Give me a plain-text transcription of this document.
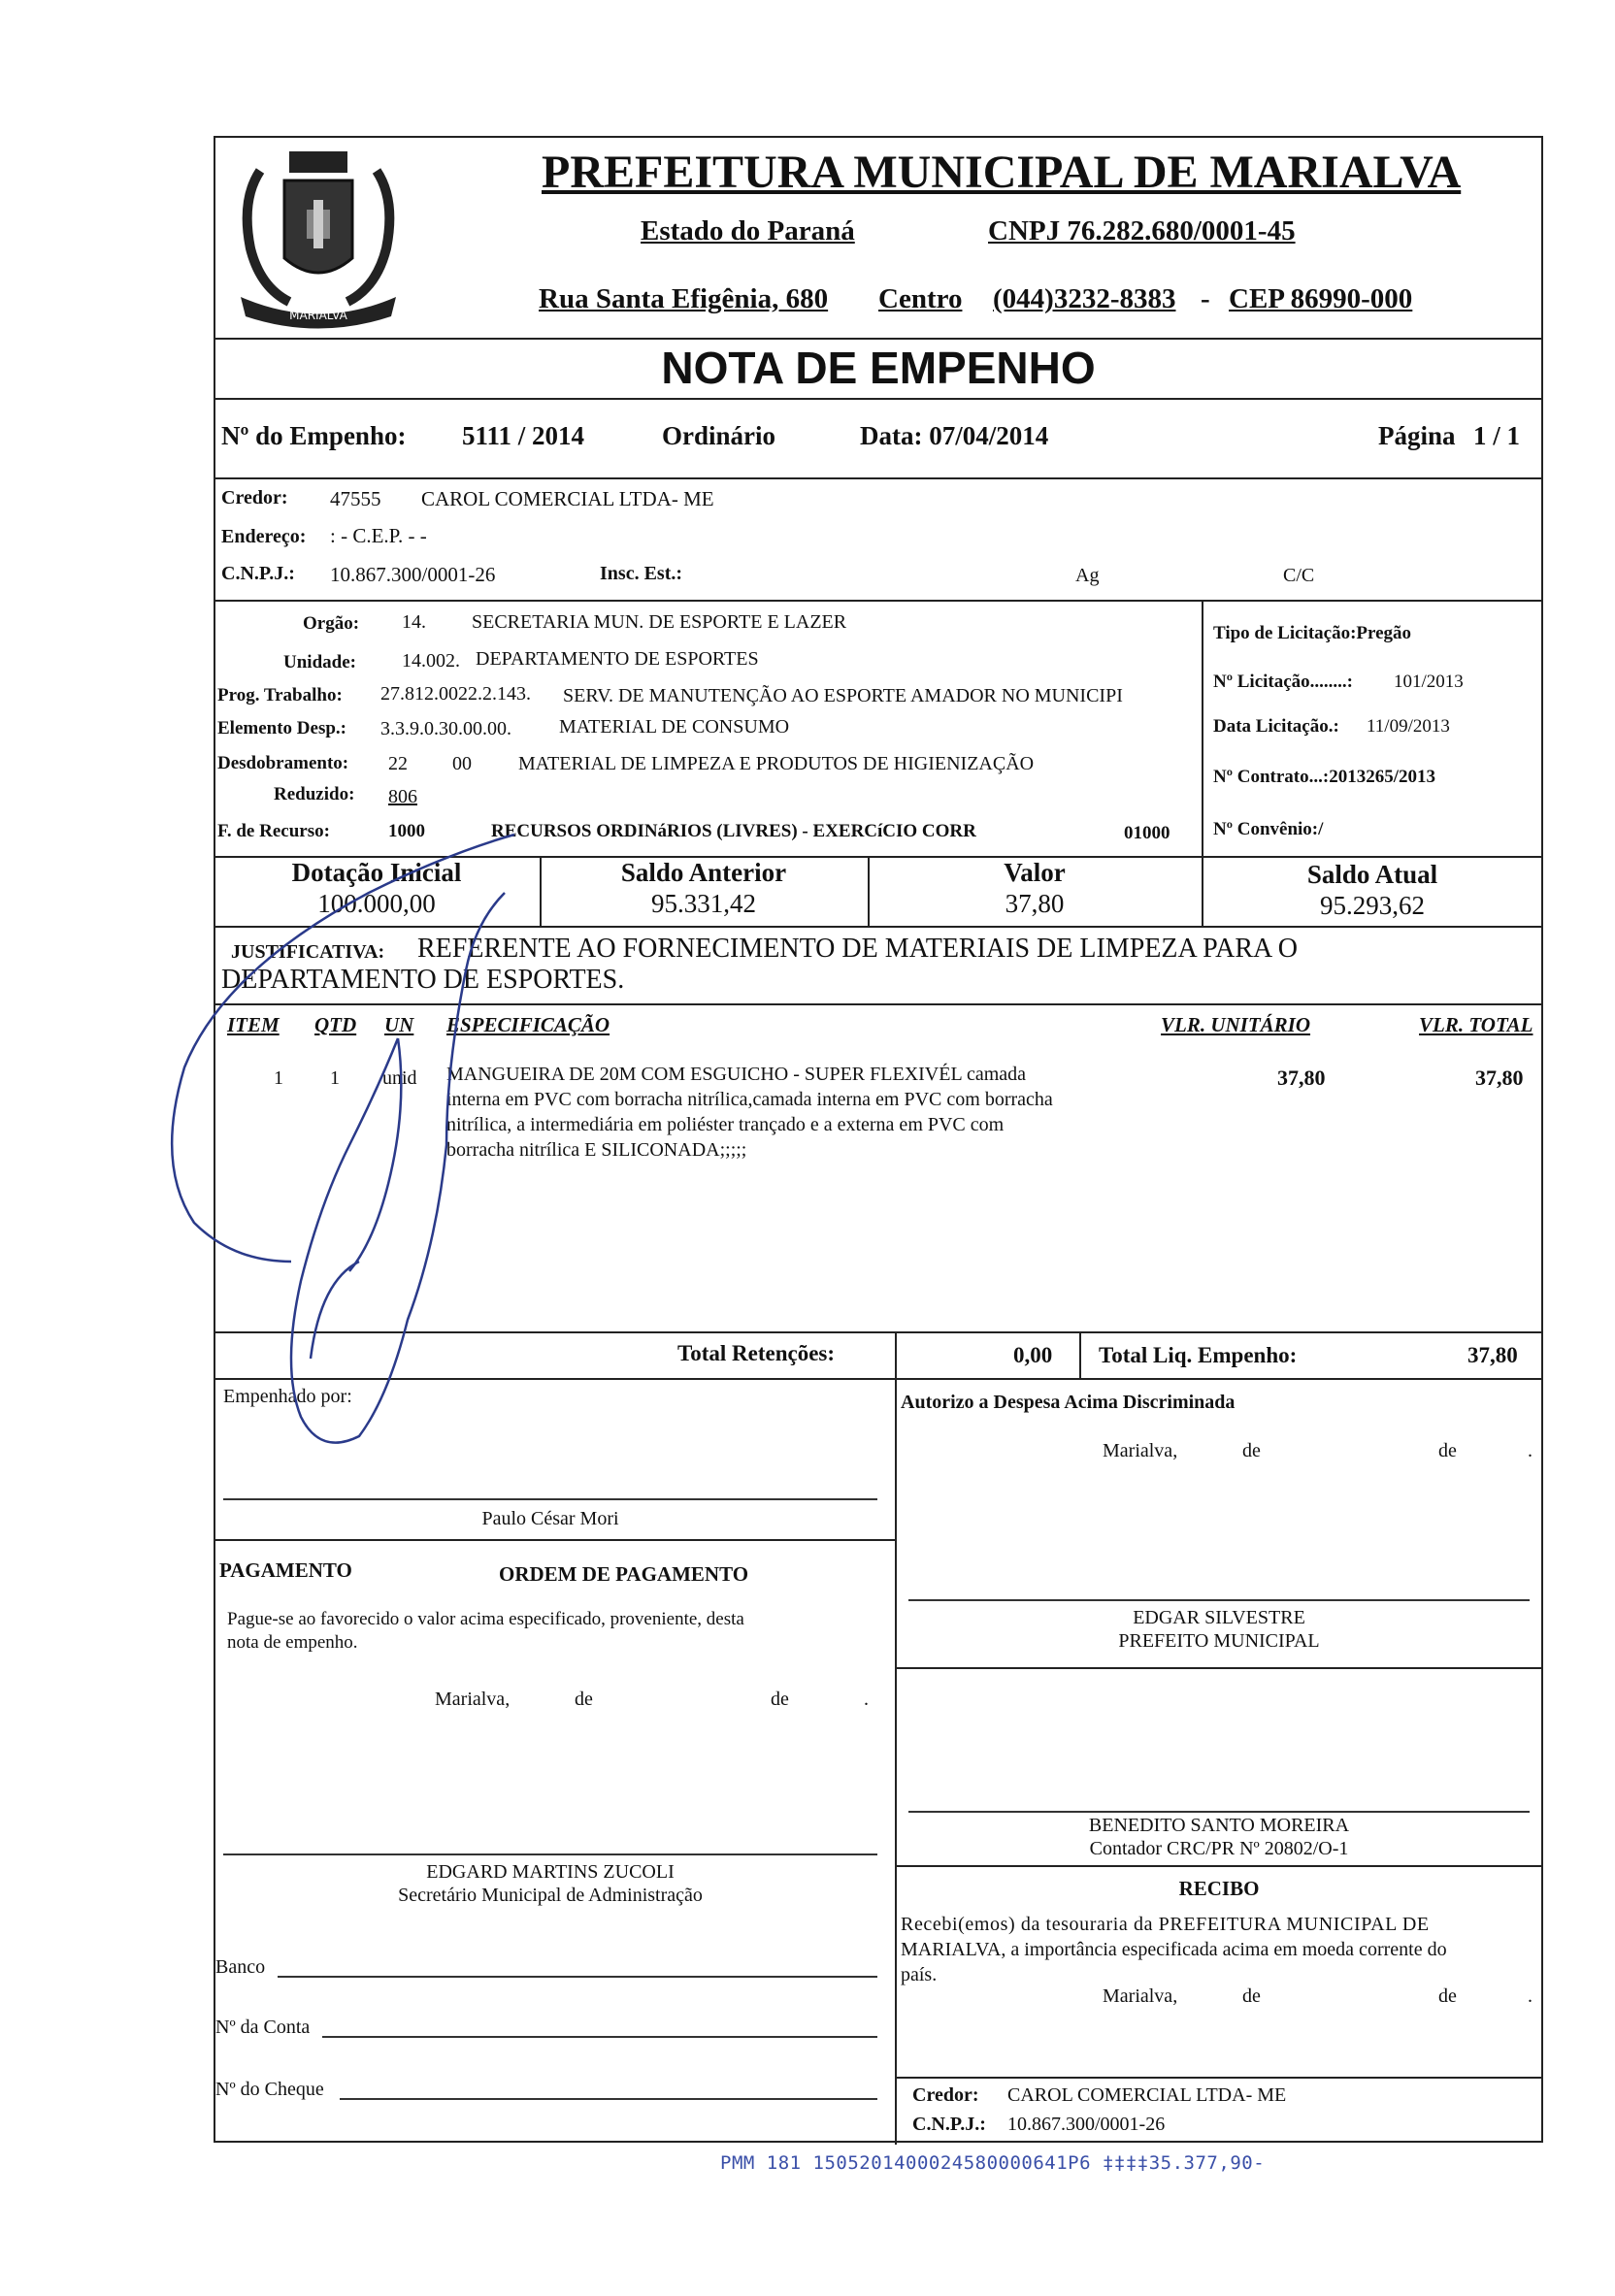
MARIALVA
PREFEITURA MUNICIPAL DE MARIALVA
Estado do Paraná	CNPJ 76.282.680/0001-45
Rua Santa Efigênia, 680 Centro (044)3232-8383 - CEP 86990-000
NOTA DE EMPENHO
Nº do Empenho: 5111 / 2014	Ordinário	Data: 07/04/2014	Página 1 / 1
Credor: 47555 CAROL COMERCIAL LTDA- ME
Endereço: : - C.E.P. - -
C.N.P.J.: 10.867.300/0001-26	Insc. Est.:	Ag	C/C
Orgão: 14. SECRETARIA MUN. DE ESPORTE E LAZER
Unidade: 14.002. DEPARTAMENTO DE ESPORTES
Prog. Trabalho: 27.812.0022.2.143. SERV. DE MANUTENÇÃO AO ESPORTE AMADOR NO MUNICIPI
Elemento Desp.: 3.3.9.0.30.00.00. MATERIAL DE CONSUMO
Desdobramento: 22 00 MATERIAL DE LIMPEZA E PRODUTOS DE HIGIENIZAÇÃO
Reduzido: 806
F. de Recurso:	1000	RECURSOS ORDINáRIOS (LIVRES) - EXERCíCIO CORR	01000
Tipo de Licitação:Pregão
Nº Licitação........: 101/2013
Data Licitação.: 11/09/2013
Nº Contrato...:2013265/2013
Nº Convênio:/
Dotação Inicial
100.000,00
Saldo Anterior
95.331,42
Valor
37,80
Saldo Atual
95.293,62
JUSTIFICATIVA: REFERENTE AO FORNECIMENTO DE MATERIAIS DE LIMPEZA PARA O
DEPARTAMENTO DE ESPORTES.
ITEM QTD UN ESPECIFICAÇÃO	VLR. UNITÁRIO	VLR. TOTAL
1 1 unid MANGUEIRA DE 20M COM ESGUICHO - SUPER FLEXIVÉL camada
interna em PVC com borracha nitrílica,camada interna em PVC com borracha
nitrílica, a intermediária em poliéster trançado e a externa em PVC com
borracha nitrílica E SILICONADA;;;;;
37,80	37,80
Total Retenções:	0,00 Total Liq. Empenho:	37,80
Empenhado por:
Paulo César Mori
PAGAMENTO	ORDEM DE PAGAMENTO
Pague-se ao favorecido o valor acima especificado, proveniente, desta
nota de empenho.
Marialva,	de	de	.
EDGARD MARTINS ZUCOLI
Secretário Municipal de Administração
Banco
Nº da Conta
Nº do Cheque
Autorizo a Despesa Acima Discriminada
Marialva,	de	de	.
EDGAR SILVESTRE
PREFEITO MUNICIPAL
BENEDITO SANTO MOREIRA
Contador CRC/PR Nº 20802/O-1
RECIBO
Recebi(emos) da tesouraria da PREFEITURA MUNICIPAL DE
MARIALVA, a importância especificada acima em moeda corrente do
país.
Marialva,	de	de	.
Credor: CAROL COMERCIAL LTDA- ME
C.N.P.J.: 10.867.300/0001-26
PMM 181 1505201400024580000641P6 ‡‡‡‡35.377,90-
